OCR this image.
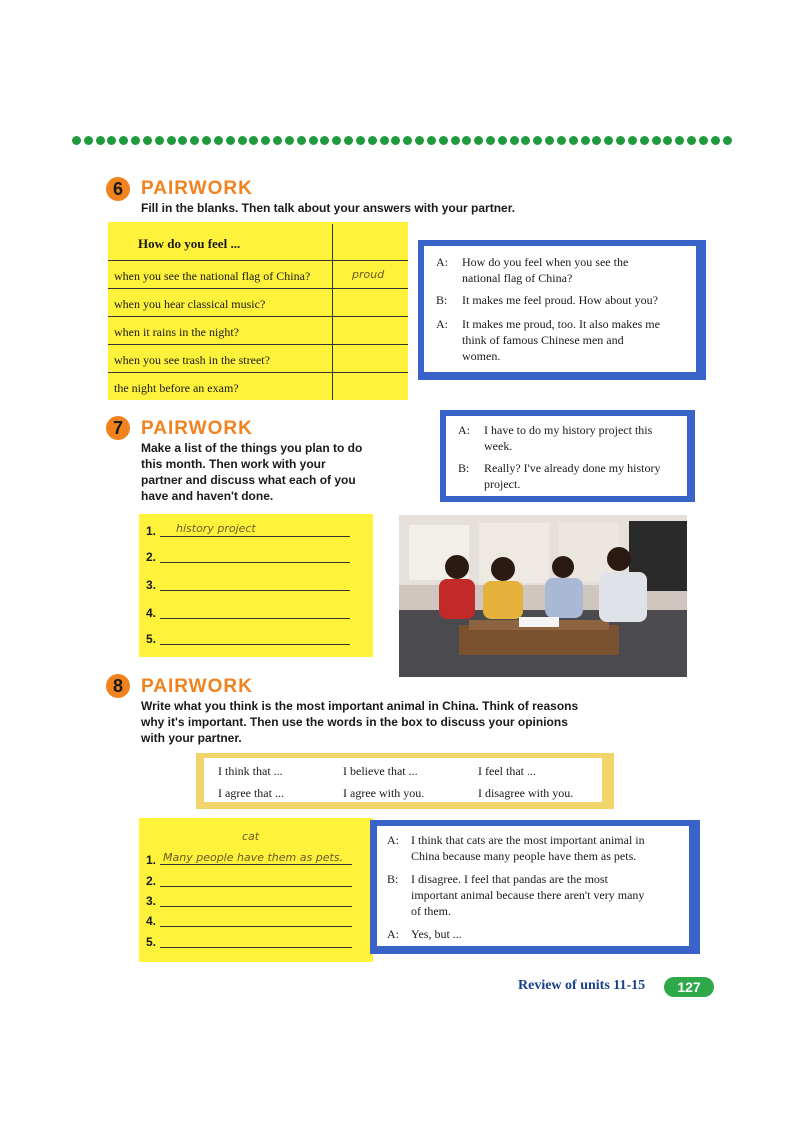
6 PAIRWORK
Fill in the blanks. Then talk about your answers with your partner.
How do you feel ...
when you see the national flag of China?	proud
when you hear classical music?
when it rains in the night?
when you see trash in the street?
the night before an exam?
A: How do you feel when you see the
national flag of China?
B: It makes me feel proud. How about you?
A: It makes me proud, too. It also makes me
think of famous Chinese men and
women.
7 PAIRWORK
Make a list of the things you plan to do
this month. Then work with your
partner and discuss what each of you
have and haven't done.
A: I have to do my history project this
week.
B: Really? I've already done my history
project.
1. history project
2.
3.
4.
5.
8 PAIRWORK
Write what you think is the most important animal in China. Think of reasons
why it's important. Then use the words in the box to discuss your opinions
with your partner.
I think that ...	I believe that ...	I feel that ...
I agree that ...	I agree with you.	I disagree with you.
cat
1. Many people have them as pets.
2.
3.
4.
5.
A: I think that cats are the most important animal in
China because many people have them as pets.
B: I disagree. I feel that pandas are the most
important animal because there aren't very many
of them.
A: Yes, but ...
Review of units 11-15	127
